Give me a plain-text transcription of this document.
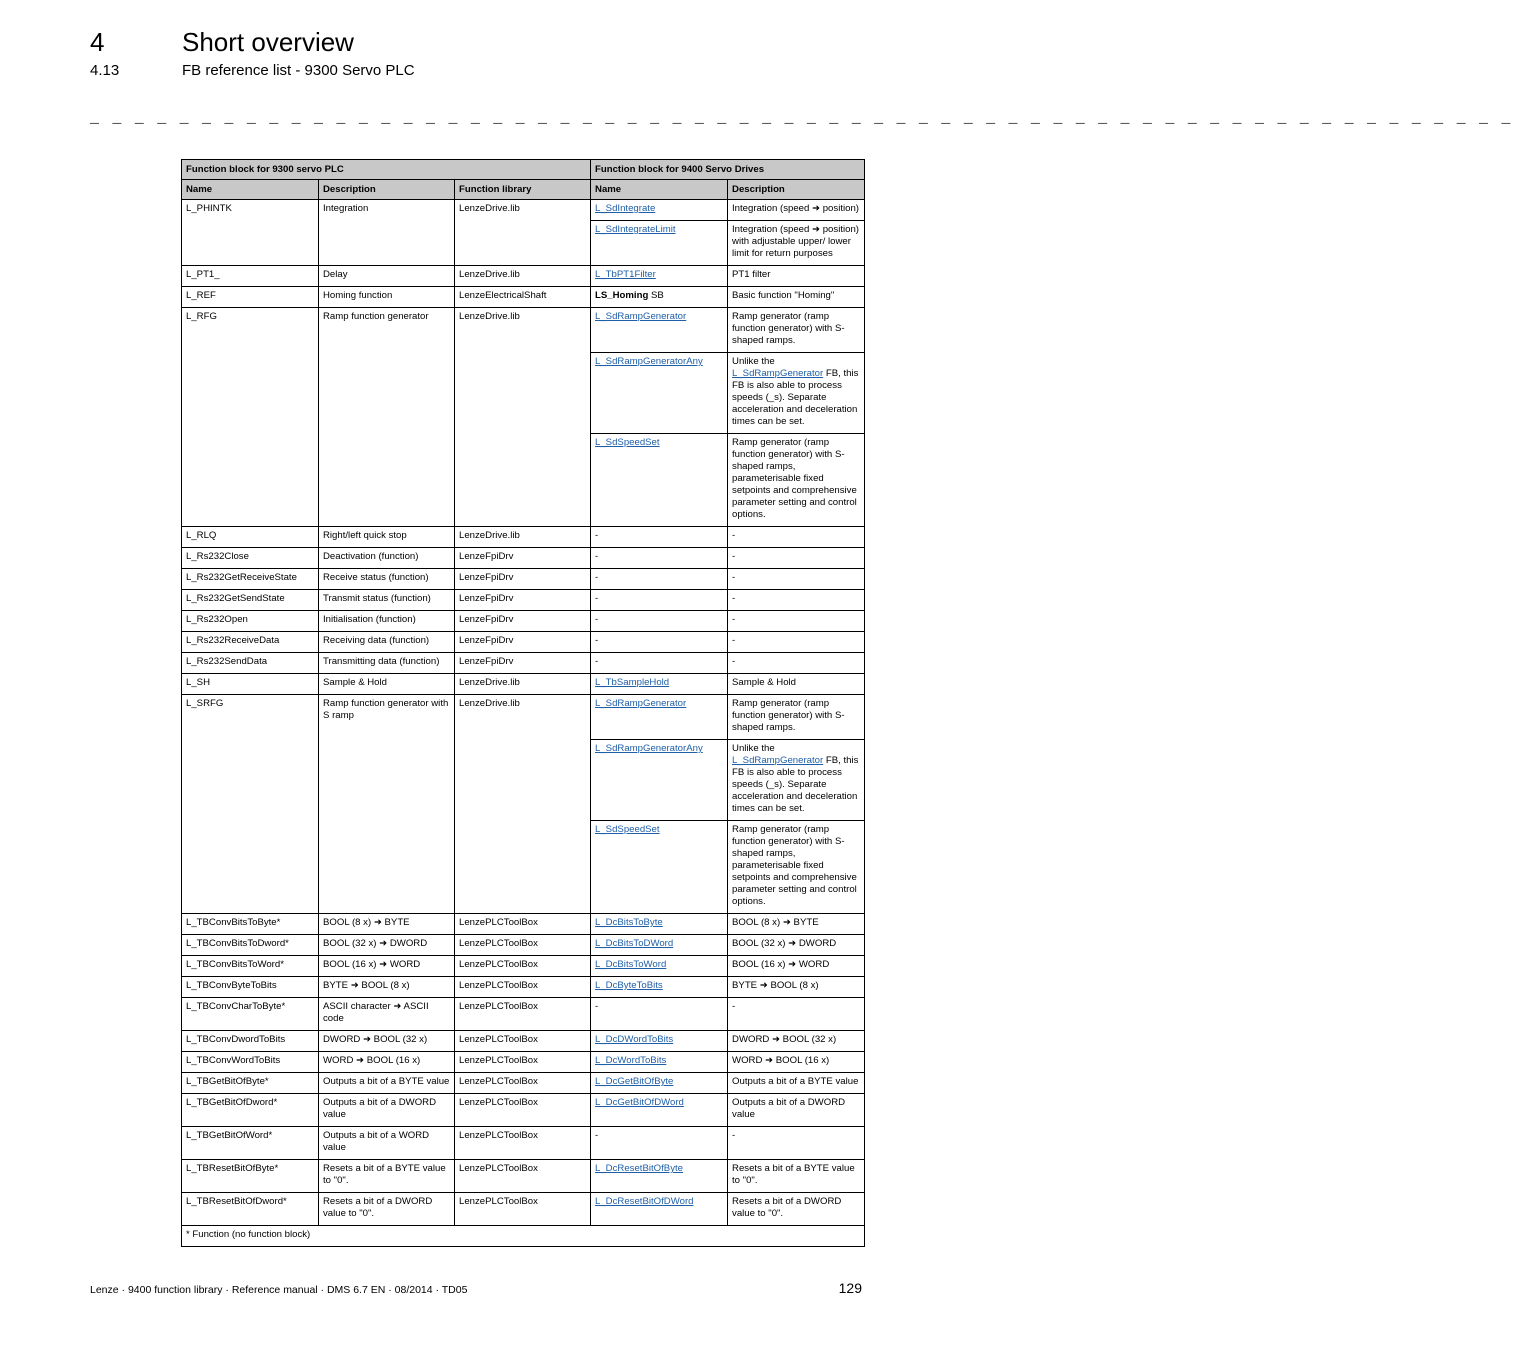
4	Short overview
4.13	FB reference list - 9300 Servo PLC
_ _ _ _ _ _ _ _ _ _ _ _ _ _ _ _ _ _ _ _ _ _ _ _ _ _ _ _ _ _ _ _ _ _ _ _ _ _ _ _ _ _ _ _ _ _ _ _ _ _ _ _ _ _ _ _ _ _ _ _ _ _ _ _
Function block for 9300 servo PLC			Function block for 9400 Servo Drives	
Name	Description	Function library	Name	Description
L_PHINTK	Integration	LenzeDrive.lib	L_SdIntegrate	Integration (speed ➜ position)
			L_SdIntegrateLimit	Integration (speed ➜ position) with adjustable upper/ lower limit for return purposes
L_PT1_	Delay	LenzeDrive.lib	L_TbPT1Filter	PT1 filter
L_REF	Homing function	LenzeElectricalShaft	LS_Homing SB	Basic function "Homing"
L_RFG	Ramp function generator	LenzeDrive.lib	L_SdRampGenerator	Ramp generator (ramp function generator) with S-shaped ramps.
			L_SdRampGeneratorAny	Unlike the L_SdRampGenerator FB, this FB is also able to process speeds (_s). Separate acceleration and deceleration times can be set.
			L_SdSpeedSet	Ramp generator (ramp function generator) with S-shaped ramps, parameterisable fixed setpoints and comprehensive parameter setting and control options.
L_RLQ	Right/left quick stop	LenzeDrive.lib	-	-
L_Rs232Close	Deactivation (function)	LenzeFpiDrv	-	-
L_Rs232GetReceiveState	Receive status (function)	LenzeFpiDrv	-	-
L_Rs232GetSendState	Transmit status (function)	LenzeFpiDrv	-	-
L_Rs232Open	Initialisation (function)	LenzeFpiDrv	-	-
L_Rs232ReceiveData	Receiving data (function)	LenzeFpiDrv	-	-
L_Rs232SendData	Transmitting data (function)	LenzeFpiDrv	-	-
L_SH	Sample & Hold	LenzeDrive.lib	L_TbSampleHold	Sample & Hold
L_SRFG	Ramp function generator with S ramp	LenzeDrive.lib	L_SdRampGenerator	Ramp generator (ramp function generator) with S-shaped ramps.
			L_SdRampGeneratorAny	Unlike the L_SdRampGenerator FB, this FB is also able to process speeds (_s). Separate acceleration and deceleration times can be set.
			L_SdSpeedSet	Ramp generator (ramp function generator) with S-shaped ramps, parameterisable fixed setpoints and comprehensive parameter setting and control options.
L_TBConvBitsToByte*	BOOL (8 x) ➜ BYTE	LenzePLCToolBox	L_DcBitsToByte	BOOL (8 x) ➜ BYTE
L_TBConvBitsToDword*	BOOL (32 x) ➜ DWORD	LenzePLCToolBox	L_DcBitsToDWord	BOOL (32 x) ➜ DWORD
L_TBConvBitsToWord*	BOOL (16 x) ➜ WORD	LenzePLCToolBox	L_DcBitsToWord	BOOL (16 x) ➜ WORD
L_TBConvByteToBits	BYTE ➜ BOOL (8 x)	LenzePLCToolBox	L_DcByteToBits	BYTE ➜ BOOL (8 x)
L_TBConvCharToByte*	ASCII character ➜ ASCII code	LenzePLCToolBox	-	-
L_TBConvDwordToBits	DWORD ➜ BOOL (32 x)	LenzePLCToolBox	L_DcDWordToBits	DWORD ➜ BOOL (32 x)
L_TBConvWordToBits	WORD ➜ BOOL (16 x)	LenzePLCToolBox	L_DcWordToBits	WORD ➜ BOOL (16 x)
L_TBGetBitOfByte*	Outputs a bit of a BYTE value	LenzePLCToolBox	L_DcGetBitOfByte	Outputs a bit of a BYTE value
L_TBGetBitOfDword*	Outputs a bit of a DWORD value	LenzePLCToolBox	L_DcGetBitOfDWord	Outputs a bit of a DWORD value
L_TBGetBitOfWord*	Outputs a bit of a WORD value	LenzePLCToolBox	-	-
L_TBResetBitOfByte*	Resets a bit of a BYTE value to "0".	LenzePLCToolBox	L_DcResetBitOfByte	Resets a bit of a BYTE value to "0".
L_TBResetBitOfDword*	Resets a bit of a DWORD value to "0".	LenzePLCToolBox	L_DcResetBitOfDWord	Resets a bit of a DWORD value to "0".
* Function (no function block)				
Lenze · 9400 function library · Reference manual · DMS 6.7 EN · 08/2014 · TD05	129
